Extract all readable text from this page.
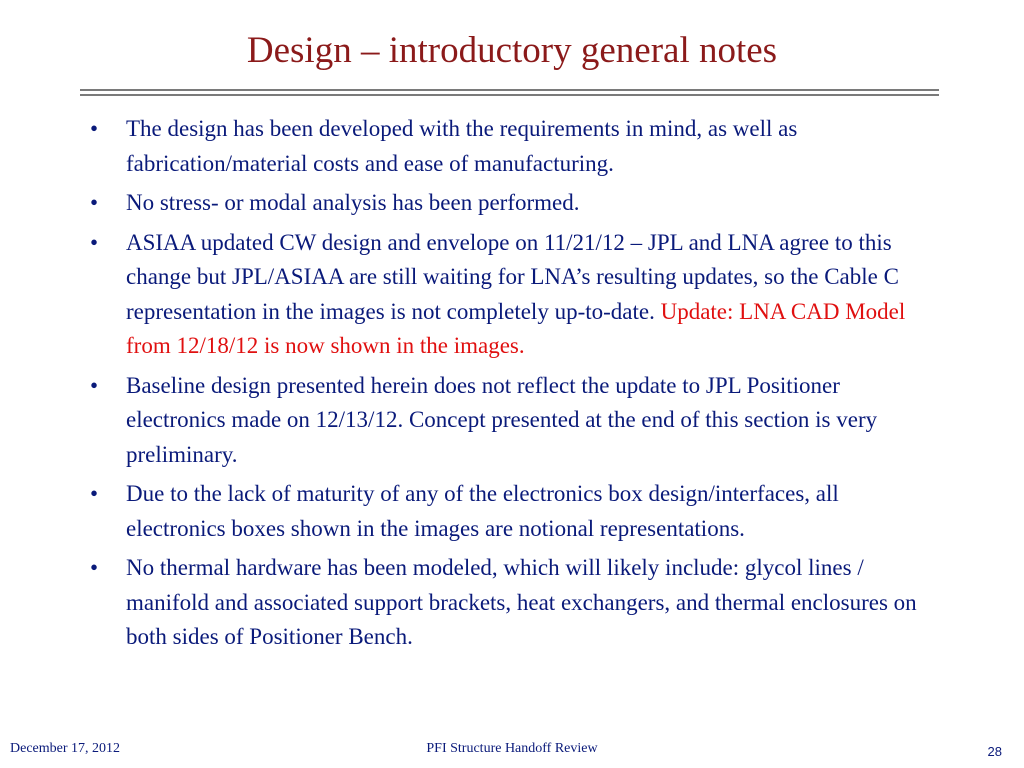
Design – introductory general notes
• The design has been developed with the requirements in mind, as well as fabrication/material costs and ease of manufacturing.
• No stress- or modal analysis has been performed.
• ASIAA updated CW design and envelope on 11/21/12 – JPL and LNA agree to this change but JPL/ASIAA are still waiting for LNA’s resulting updates, so the Cable C representation in the images is not completely up-to-date. Update: LNA CAD Model from 12/18/12 is now shown in the images.
• Baseline design presented herein does not reflect the update to JPL Positioner electronics made on 12/13/12. Concept presented at the end of this section is very preliminary.
• Due to the lack of maturity of any of the electronics box design/interfaces, all electronics boxes shown in the images are notional representations.
• No thermal hardware has been modeled, which will likely include: glycol lines / manifold and associated support brackets, heat exchangers, and thermal enclosures on both sides of Positioner Bench.
December 17, 2012	PFI Structure Handoff Review	28
